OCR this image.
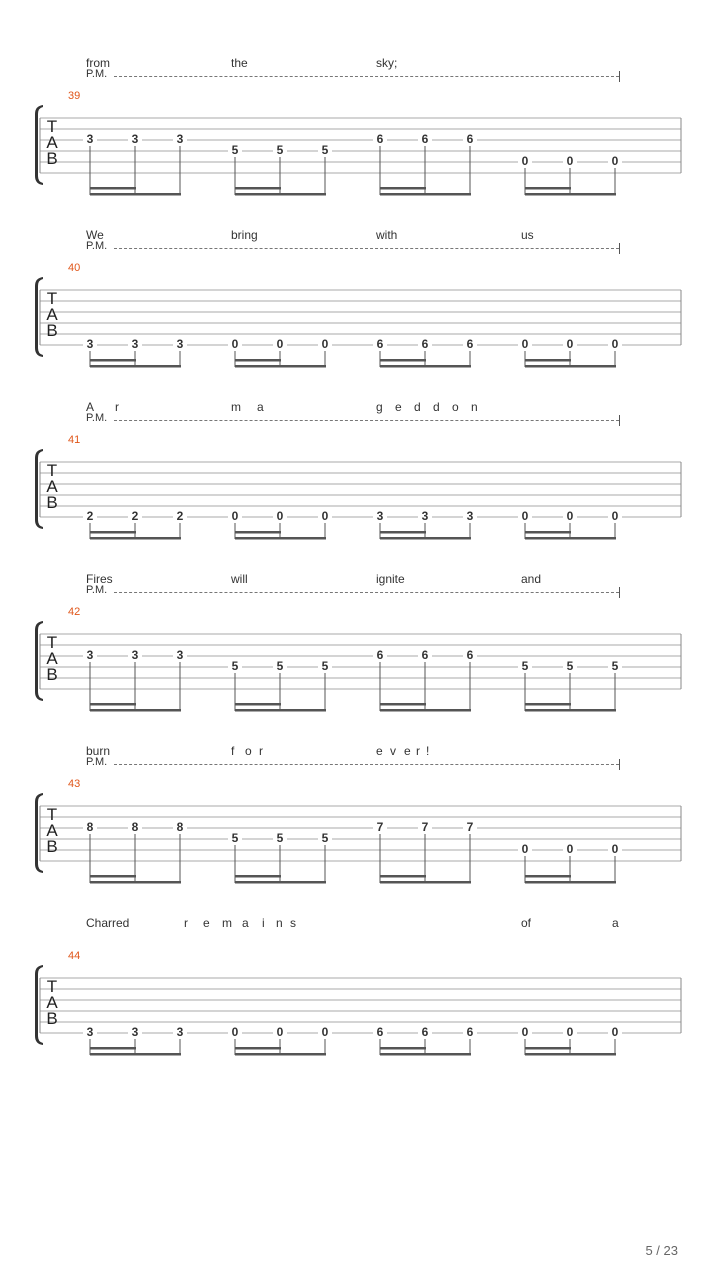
from	the	sky;
P.M.
39
T
A
B
3	3	3
5	5	5
6	6	6
0	0	0
We	bring	with	us
P.M.
40
T
A
B
3	3	3	0	0	0	6	6	6	0	0	0
A r	m a	g e d d o n
P.M.
41
T
A
B
2	2	2	0	0	0	3	3	3	0	0	0
Fires	will	ignite	and
P.M.
42
T
A
B
3	3	3
5	5	5
6	6	6
5	5	5
burn	f o r	e v e r !
P.M.
43
T
A
B
8	8	8
5	5	5
7	7	7
0	0	0
Charred	r e m a i n s	of	a
44
T
A
B
3	3	3	0	0	0	6	6	6	0	0	0
5 / 23
